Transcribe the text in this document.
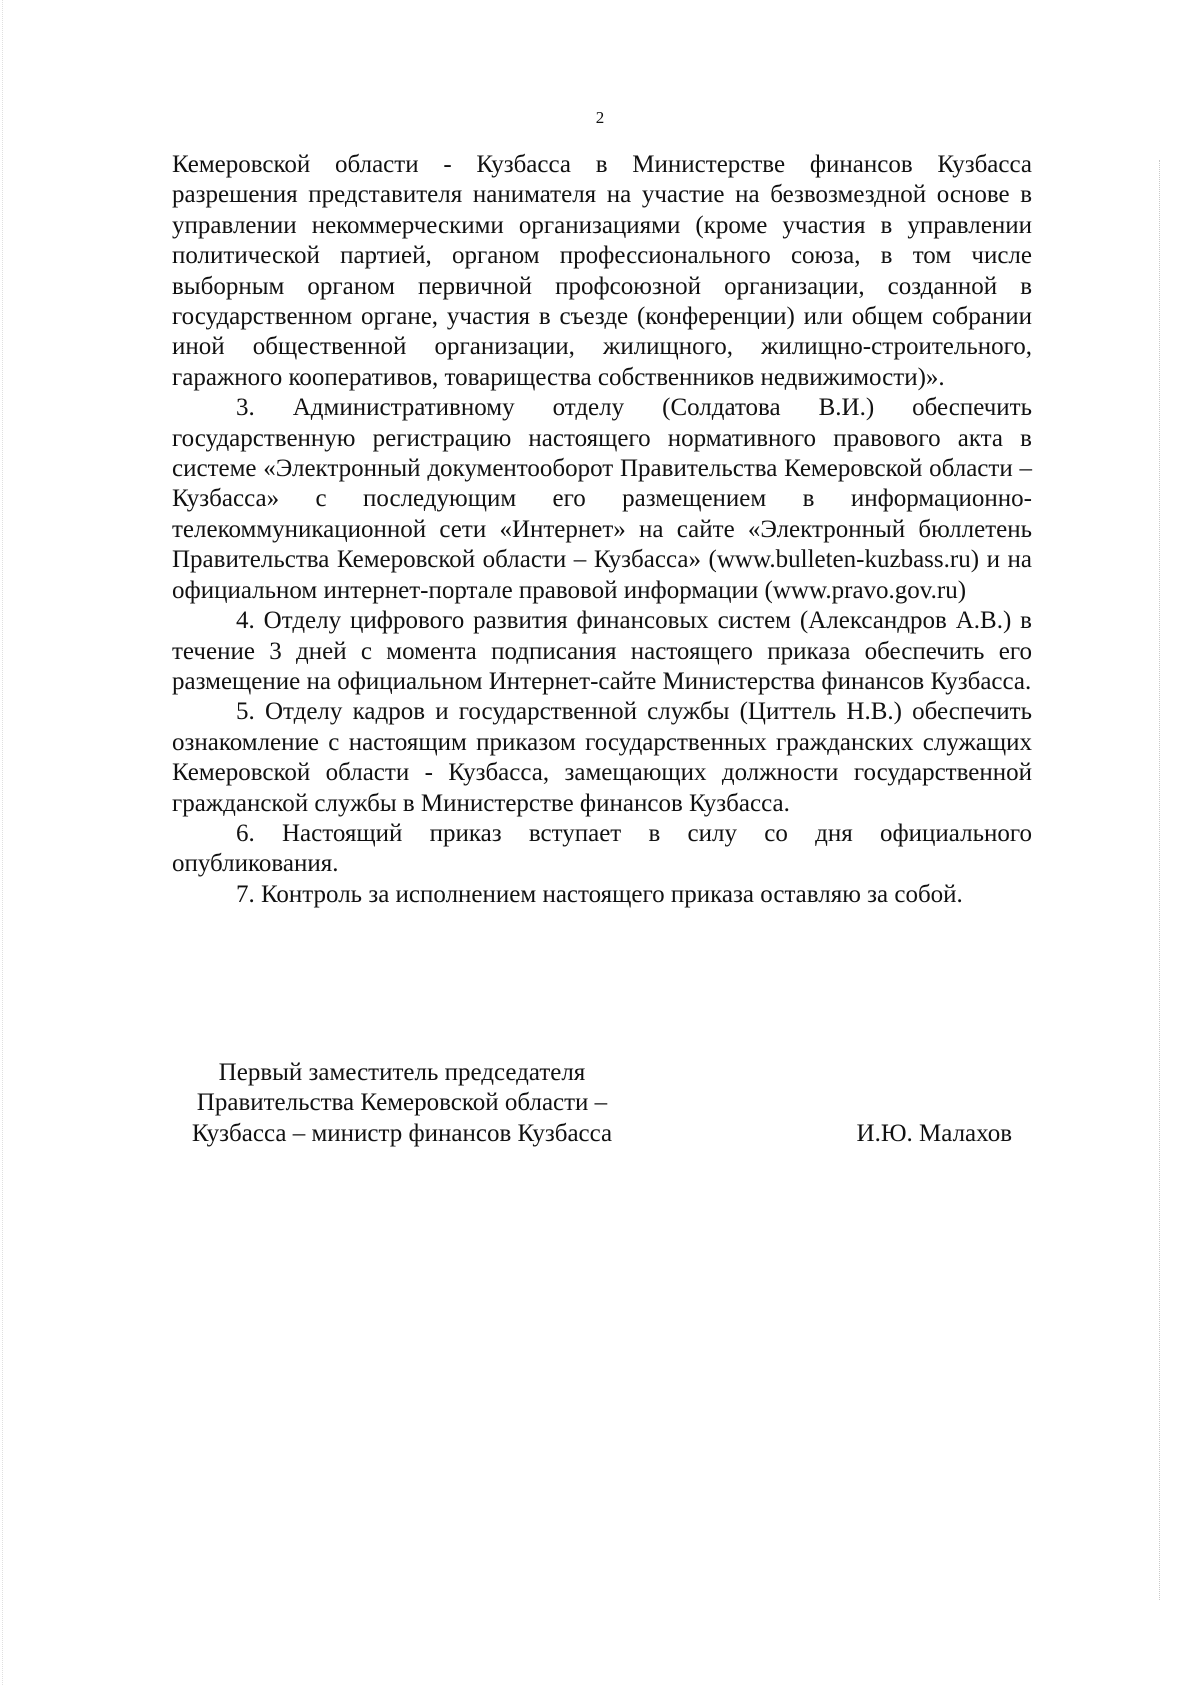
2

Кемеровской области - Кузбасса в Министерстве финансов Кузбасса разрешения представителя нанимателя на участие на безвозмездной основе в управлении некоммерческими организациями (кроме участия в управлении политической партией, органом профессионального союза, в том числе выборным органом первичной профсоюзной организации, созданной в государственном органе, участия в съезде (конференции) или общем собрании иной общественной организации, жилищного, жилищно-строительного, гаражного кооперативов, товарищества собственников недвижимости)».

3. Административному отделу (Солдатова В.И.) обеспечить государственную регистрацию настоящего нормативного правового акта в системе «Электронный документооборот Правительства Кемеровской области – Кузбасса» с последующим его размещением в информационно-телекоммуникационной сети «Интернет» на сайте «Электронный бюллетень Правительства Кемеровской области – Кузбасса» (www.bulleten-kuzbass.ru) и на официальном интернет-портале правовой информации (www.pravo.gov.ru)

4. Отделу цифрового развития финансовых систем (Александров А.В.) в течение 3 дней с момента подписания настоящего приказа обеспечить его размещение на официальном Интернет-сайте Министерства финансов Кузбасса.

5. Отделу кадров и государственной службы (Циттель Н.В.) обеспечить ознакомление с настоящим приказом государственных гражданских служащих Кемеровской области - Кузбасса, замещающих должности государственной гражданской службы в Министерстве финансов Кузбасса.

6. Настоящий приказ вступает в силу со дня официального опубликования.

7. Контроль за исполнением настоящего приказа оставляю за собой.

Первый заместитель председателя
Правительства Кемеровской области –
Кузбасса – министр финансов Кузбасса	И.Ю. Малахов
